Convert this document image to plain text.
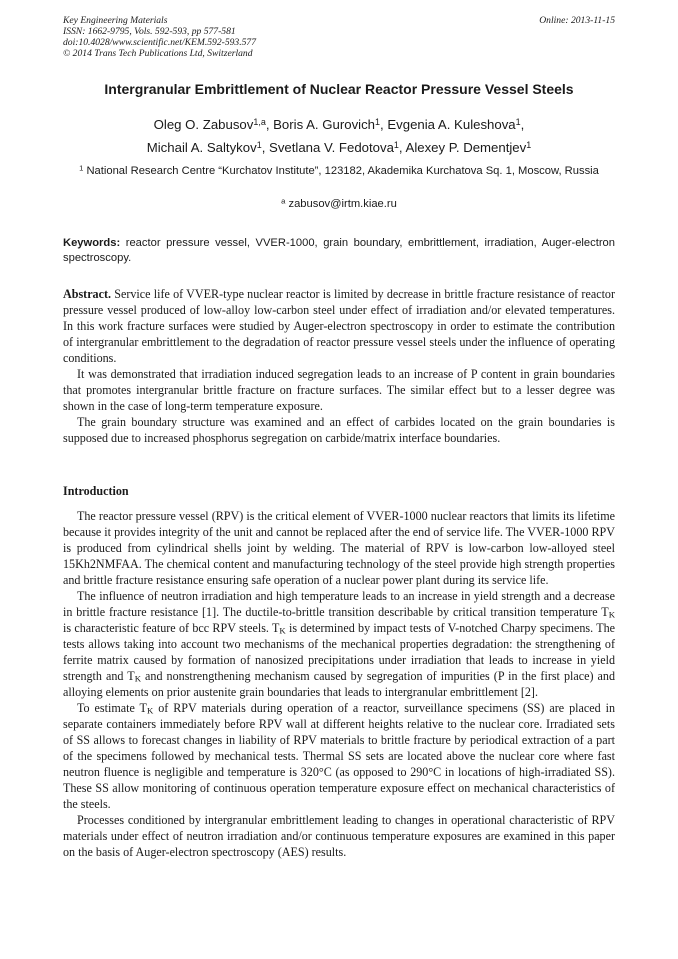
Key Engineering Materials
ISSN: 1662-9795, Vols. 592-593, pp 577-581
doi:10.4028/www.scientific.net/KEM.592-593.577
© 2014 Trans Tech Publications Ltd, Switzerland
Online: 2013-11-15
Intergranular Embrittlement of Nuclear Reactor Pressure Vessel Steels
Oleg O. Zabusov$^{1,a}$, Boris A. Gurovich$^1$, Evgenia A. Kuleshova$^1$,
Michail A. Saltykov$^1$, Svetlana V. Fedotova$^1$, Alexey P. Dementjev$^1$
$^1$ National Research Centre “Kurchatov Institute”, 123182, Akademika Kurchatova Sq. 1, Moscow, Russia
$^a$ zabusov@irtm.kiae.ru
Keywords: reactor pressure vessel, VVER-1000, grain boundary, embrittlement, irradiation, Auger-electron spectroscopy.

Abstract. Service life of VVER-type nuclear reactor is limited by decrease in brittle fracture resistance of reactor pressure vessel produced of low-alloy low-carbon steel under effect of irradiation and/or elevated temperatures. In this work fracture surfaces were studied by Auger-electron spectroscopy in order to estimate the contribution of intergranular embrittlement to the degradation of reactor pressure vessel steels under the influence of operating conditions.

It was demonstrated that irradiation induced segregation leads to an increase of P content in grain boundaries that promotes intergranular brittle fracture on fracture surfaces. The similar effect but to a lesser degree was shown in the case of long-term temperature exposure.

The grain boundary structure was examined and an effect of carbides located on the grain boundaries is supposed due to increased phosphorus segregation on carbide/matrix interface boundaries.

Introduction

The reactor pressure vessel (RPV) is the critical element of VVER-1000 nuclear reactors that limits its lifetime because it provides integrity of the unit and cannot be replaced after the end of service life. The VVER-1000 RPV is produced from cylindrical shells joint by welding. The material of RPV is low-carbon low-alloyed steel 15Kh2NMFAA. The chemical content and manufacturing technology of the steel provide high strength properties and brittle fracture resistance ensuring safe operation of a nuclear power plant during its service life.

The influence of neutron irradiation and high temperature leads to an increase in yield strength and a decrease in brittle fracture resistance [1]. The ductile-to-brittle transition describable by critical transition temperature $T_K$ is characteristic feature of bcc RPV steels. $T_K$ is determined by impact tests of V-notched Charpy specimens. The tests allows taking into account two mechanisms of the mechanical properties degradation: the strengthening of ferrite matrix caused by formation of nanosized precipitations under irradiation that leads to increase in yield strength and $T_K$ and nonstrengthening mechanism caused by segregation of impurities (P in the first place) and alloying elements on prior austenite grain boundaries that leads to intergranular embrittlement [2].

To estimate $T_K$ of RPV materials during operation of a reactor, surveillance specimens (SS) are placed in separate containers immediately before RPV wall at different heights relative to the nuclear core. Irradiated sets of SS allows to forecast changes in liability of RPV materials to brittle fracture by periodical extraction of a part of the specimens followed by mechanical tests. Thermal SS sets are located above the nuclear core where fast neutron fluence is negligible and temperature is 320°C (as opposed to 290°C in locations of high-irradiated SS). These SS allow monitoring of continuous operation temperature exposure effect on mechanical characteristics of the steels.

Processes conditioned by intergranular embrittlement leading to changes in operational characteristic of RPV materials under effect of neutron irradiation and/or continuous temperature exposures are examined in this paper on the basis of Auger-electron spectroscopy (AES) results.
